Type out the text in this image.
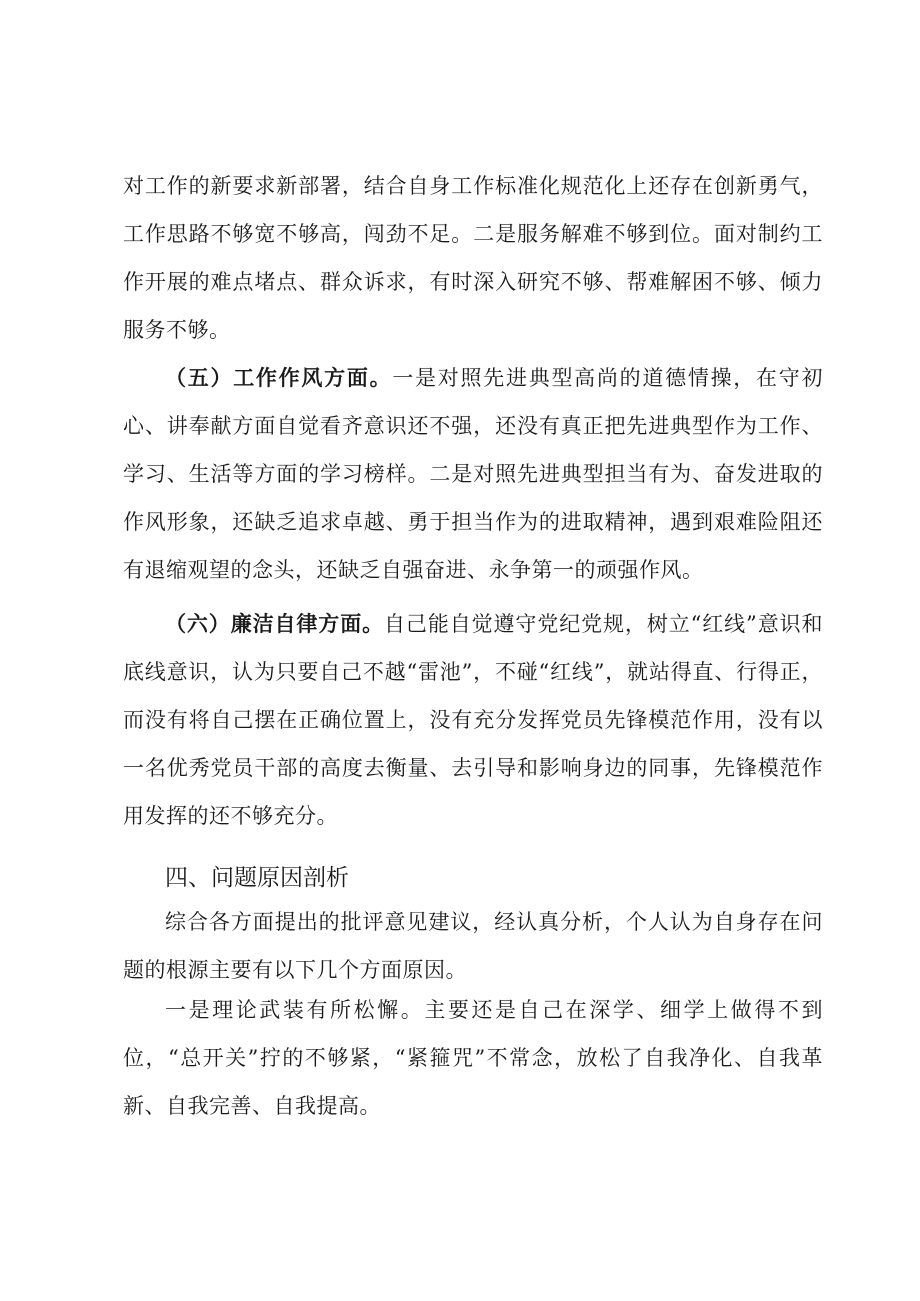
对工作的新要求新部署，结合自身工作标准化规范化上还存在创新勇气，工作思路不够宽不够高，闯劲不足。二是服务解难不够到位。面对制约工作开展的难点堵点、群众诉求，有时深入研究不够、帮难解困不够、倾力服务不够。

（五）工作作风方面。一是对照先进典型高尚的道德情操，在守初心、讲奉献方面自觉看齐意识还不强，还没有真正把先进典型作为工作、学习、生活等方面的学习榜样。二是对照先进典型担当有为、奋发进取的作风形象，还缺乏追求卓越、勇于担当作为的进取精神，遇到艰难险阻还有退缩观望的念头，还缺乏自强奋进、永争第一的顽强作风。

（六）廉洁自律方面。自己能自觉遵守党纪党规，树立“红线”意识和底线意识，认为只要自己不越“雷池”，不碰“红线”，就站得直、行得正，而没有将自己摆在正确位置上，没有充分发挥党员先锋模范作用，没有以一名优秀党员干部的高度去衡量、去引导和影响身边的同事，先锋模范作用发挥的还不够充分。

四、问题原因剖析

综合各方面提出的批评意见建议，经认真分析，个人认为自身存在问题的根源主要有以下几个方面原因。

一是理论武装有所松懈。主要还是自己在深学、细学上做得不到位，“总开关”拧的不够紧，“紧箍咒”不常念，放松了自我净化、自我革新、自我完善、自我提高。
